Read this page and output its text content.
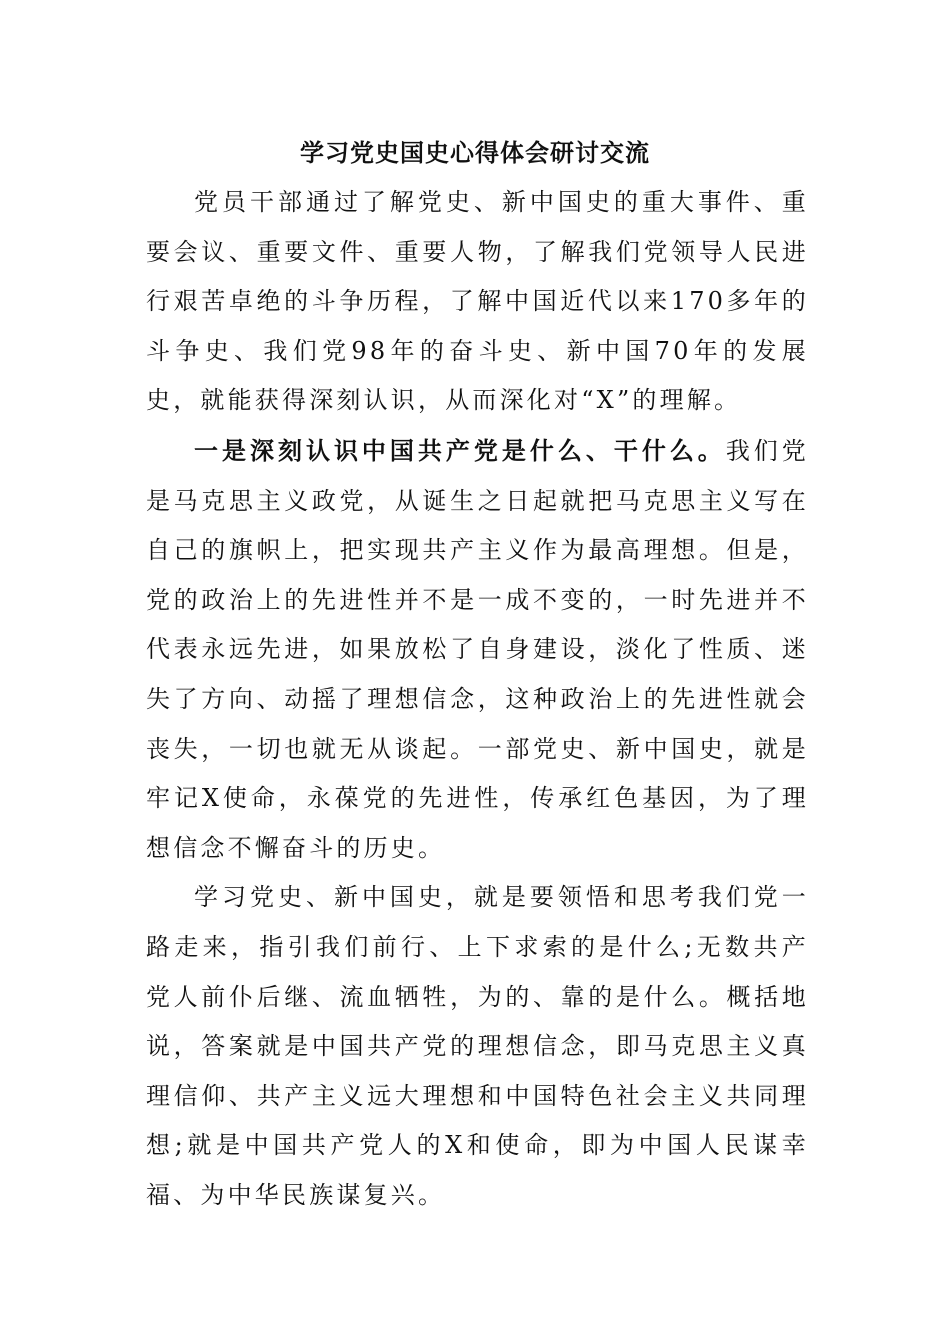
学习党史国史心得体会研讨交流

党员干部通过了解党史、新中国史的重大事件、重要会议、重要文件、重要人物，了解我们党领导人民进行艰苦卓绝的斗争历程，了解中国近代以来170多年的斗争史、我们党98年的奋斗史、新中国70年的发展史，就能获得深刻认识，从而深化对“X”的理解。

一是深刻认识中国共产党是什么、干什么。我们党是马克思主义政党，从诞生之日起就把马克思主义写在自己的旗帜上，把实现共产主义作为最高理想。但是，党的政治上的先进性并不是一成不变的，一时先进并不代表永远先进，如果放松了自身建设，淡化了性质、迷失了方向、动摇了理想信念，这种政治上的先进性就会丧失，一切也就无从谈起。一部党史、新中国史，就是牢记X使命，永葆党的先进性，传承红色基因，为了理想信念不懈奋斗的历史。

学习党史、新中国史，就是要领悟和思考我们党一路走来，指引我们前行、上下求索的是什么;无数共产党人前仆后继、流血牺牲，为的、靠的是什么。概括地说，答案就是中国共产党的理想信念，即马克思主义真理信仰、共产主义远大理想和中国特色社会主义共同理想;就是中国共产党人的X和使命，即为中国人民谋幸福、为中华民族谋复兴。
